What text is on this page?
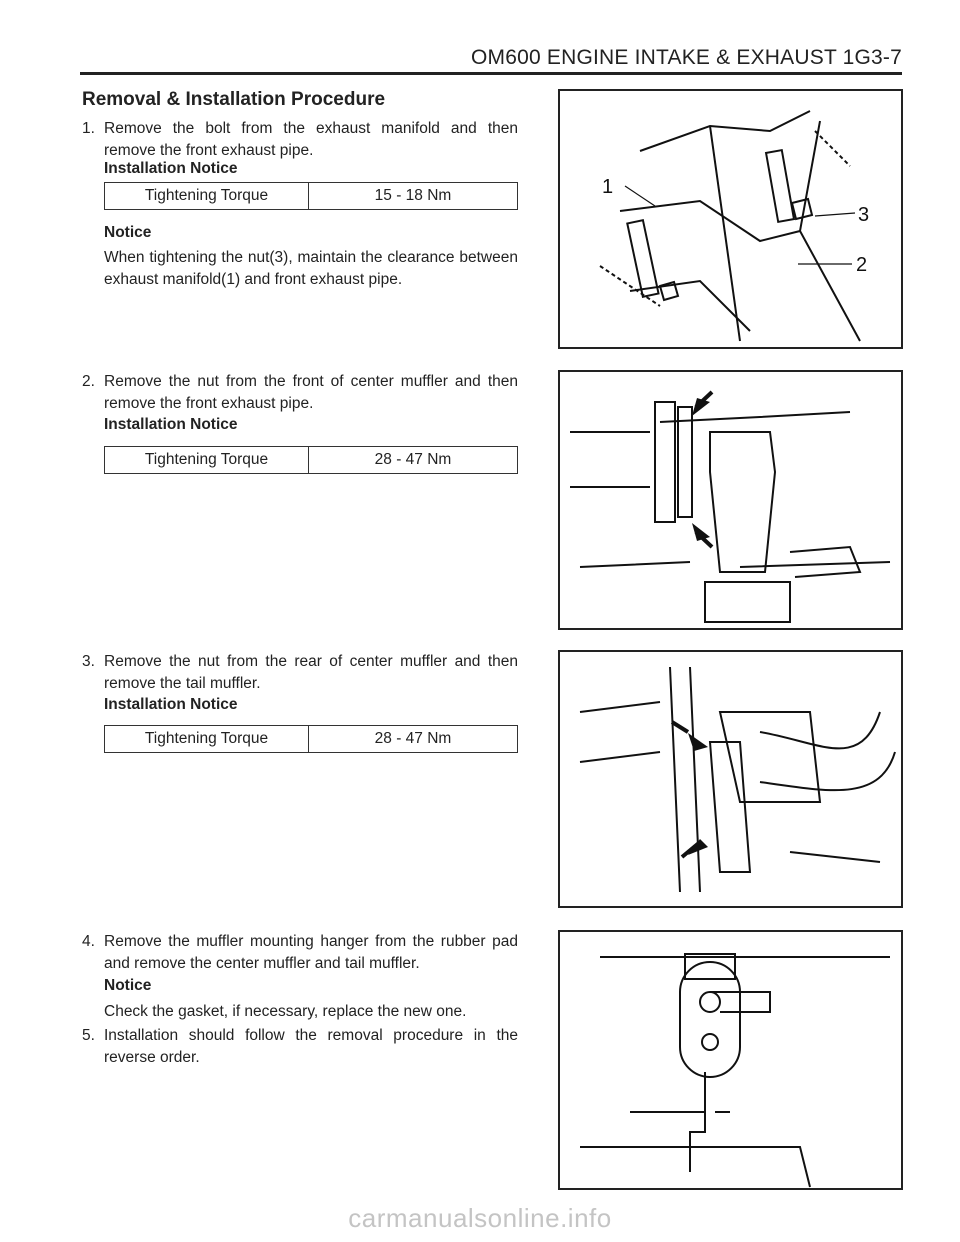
OM600 ENGINE INTAKE & EXHAUST 1G3-7
Removal & Installation Procedure
1. Remove the bolt from the exhaust manifold and then remove the front exhaust pipe.
Installation Notice
Tightening Torque	15 - 18 Nm
Notice
When tightening the nut(3), maintain the clearance between exhaust manifold(1) and front exhaust pipe.
2. Remove the nut from the front of center muffler and then remove the front exhaust pipe.
Installation Notice
Tightening Torque	28 - 47 Nm
3. Remove the nut from the rear of center muffler and then remove the tail muffler.
Installation Notice
Tightening Torque	28 - 47 Nm
4. Remove the muffler mounting hanger from the rubber pad and remove the center muffler and tail muffler.
Notice
Check the gasket, if necessary, replace the new one.
5. Installation should follow the removal procedure in the reverse order.
1
2
3
carmanualsonline.info
